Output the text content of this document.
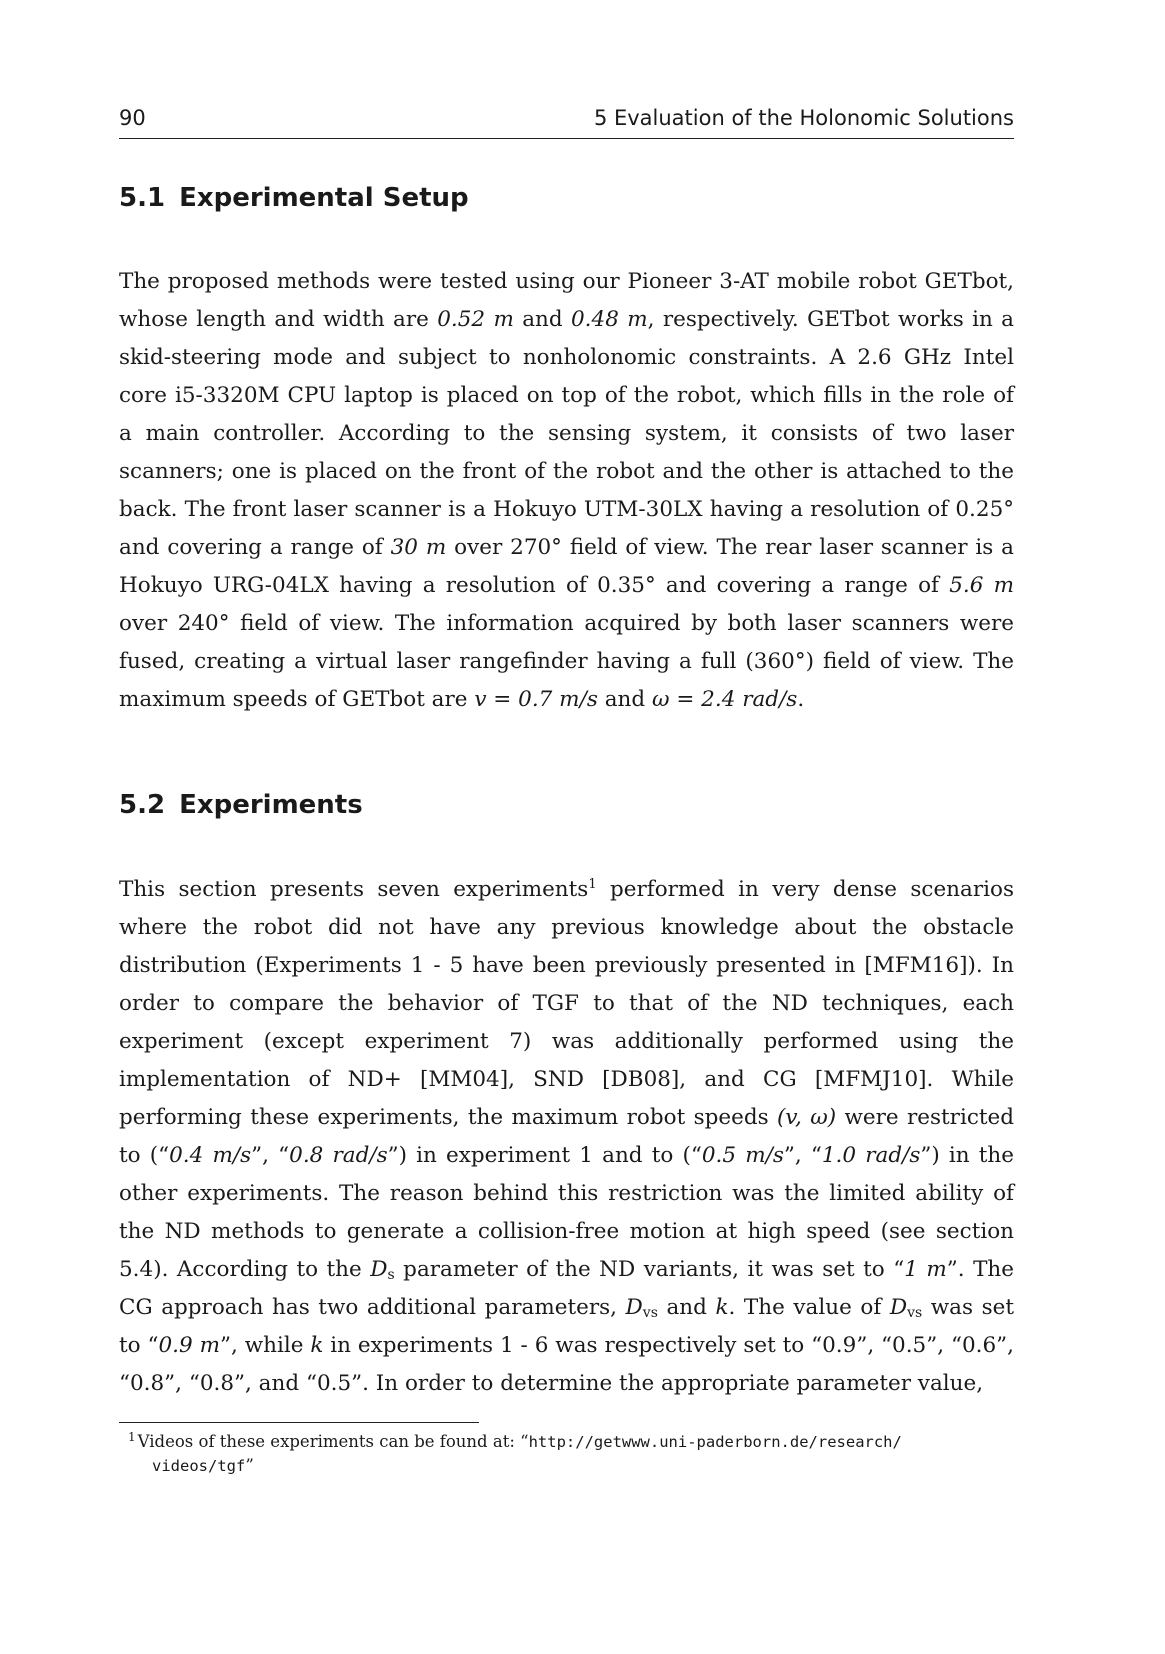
90	5 Evaluation of the Holonomic Solutions
5.1 Experimental Setup

The proposed methods were tested using our Pioneer 3-AT mobile robot GETbot, whose length and width are 0.52 m and 0.48 m, respectively. GETbot works in a skid-steering mode and subject to nonholonomic constraints. A 2.6 GHz Intel core i5-3320M CPU laptop is placed on top of the robot, which fills in the role of a main controller. According to the sensing system, it consists of two laser scanners; one is placed on the front of the robot and the other is attached to the back. The front laser scanner is a Hokuyo UTM-30LX having a resolution of 0.25° and covering a range of 30 m over 270° field of view. The rear laser scanner is a Hokuyo URG-04LX having a resolution of 0.35° and covering a range of 5.6 m over 240° field of view. The information acquired by both laser scanners were fused, creating a virtual laser rangefinder having a full (360°) field of view. The maximum speeds of GETbot are v = 0.7 m/s and ω = 2.4 rad/s.

5.2 Experiments

This section presents seven experiments$^1$ performed in very dense scenarios where the robot did not have any previous knowledge about the obstacle distribution (Experiments 1 - 5 have been previously presented in [MFM16]). In order to compare the behavior of TGF to that of the ND techniques, each experiment (except experiment 7) was additionally performed using the implementation of ND+ [MM04], SND [DB08], and CG [MFMJ10]. While performing these experiments, the maximum robot speeds (v, ω) were restricted to (“0.4 m/s”, “0.8 rad/s”) in experiment 1 and to (“0.5 m/s”, “1.0 rad/s”) in the other experiments. The reason behind this restriction was the limited ability of the ND methods to generate a collision-free motion at high speed (see section 5.4). According to the $D_s$ parameter of the ND variants, it was set to “1 m”. The CG approach has two additional parameters, $D_{vs}$ and k. The value of $D_{vs}$ was set to “0.9 m”, while k in experiments 1 - 6 was respectively set to “0.9”, “0.5”, “0.6”, “0.8”, “0.8”, and “0.5”. In order to determine the appropriate parameter value,

$^1$ Videos of these experiments can be found at: “http://getwww.uni-paderborn.de/research/
videos/tgf”
